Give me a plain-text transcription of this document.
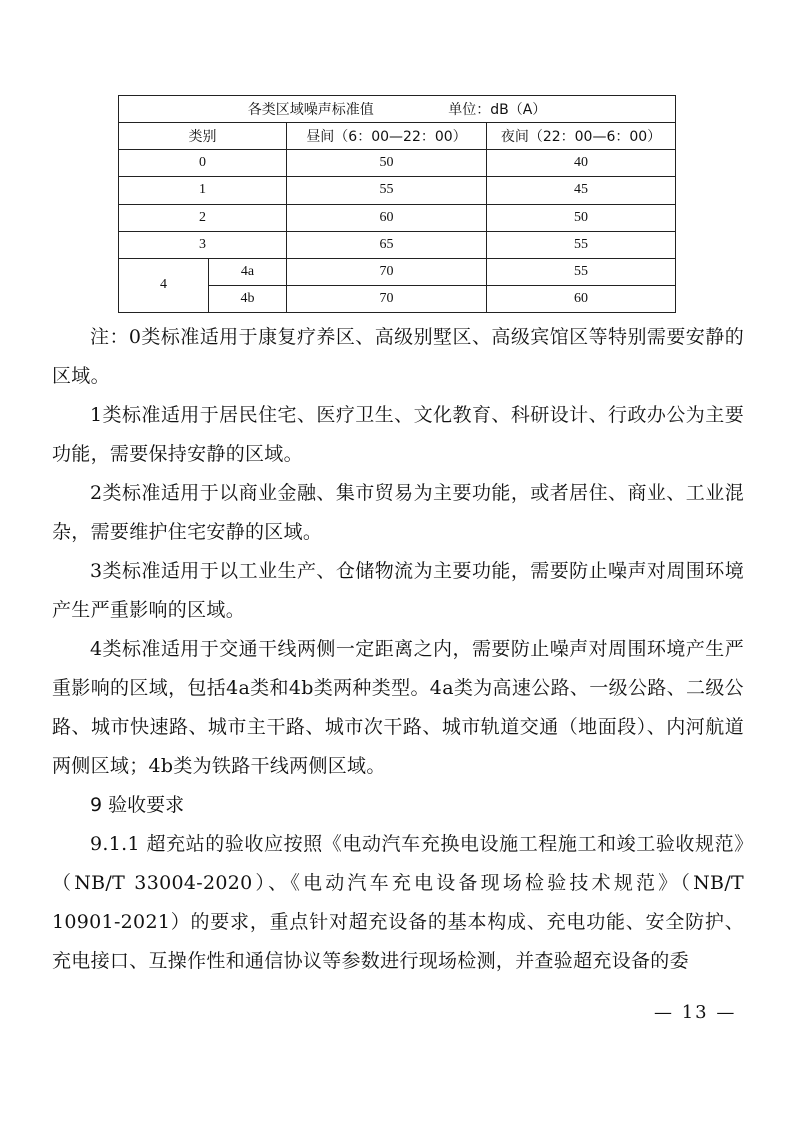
各类区域噪声标准值 单位：dB（A）			
类别		昼间（6：00—22：00）	夜间（22：00—6：00）
0		50	40
1		55	45
2		60	50
3		65	55
4	4a	70	55
	4b	70	60

注：0类标准适用于康复疗养区、高级别墅区、高级宾馆区等特别需要安静的区域。

1类标准适用于居民住宅、医疗卫生、文化教育、科研设计、行政办公为主要功能，需要保持安静的区域。

2类标准适用于以商业金融、集市贸易为主要功能，或者居住、商业、工业混杂，需要维护住宅安静的区域。

3类标准适用于以工业生产、仓储物流为主要功能，需要防止噪声对周围环境产生严重影响的区域。

4类标准适用于交通干线两侧一定距离之内，需要防止噪声对周围环境产生严重影响的区域，包括4a类和4b类两种类型。4a类为高速公路、一级公路、二级公路、城市快速路、城市主干路、城市次干路、城市轨道交通（地面段）、内河航道两侧区域；4b类为铁路干线两侧区域。

9 验收要求

9.1.1 超充站的验收应按照《电动汽车充换电设施工程施工和竣工验收规范》（NB/T 33004-2020）、《电动汽车充电设备现场检验技术规范》（NB/T 10901-2021）的要求，重点针对超充设备的基本构成、充电功能、安全防护、充电接口、互操作性和通信协议等参数进行现场检测，并查验超充设备的委

— 13 —
